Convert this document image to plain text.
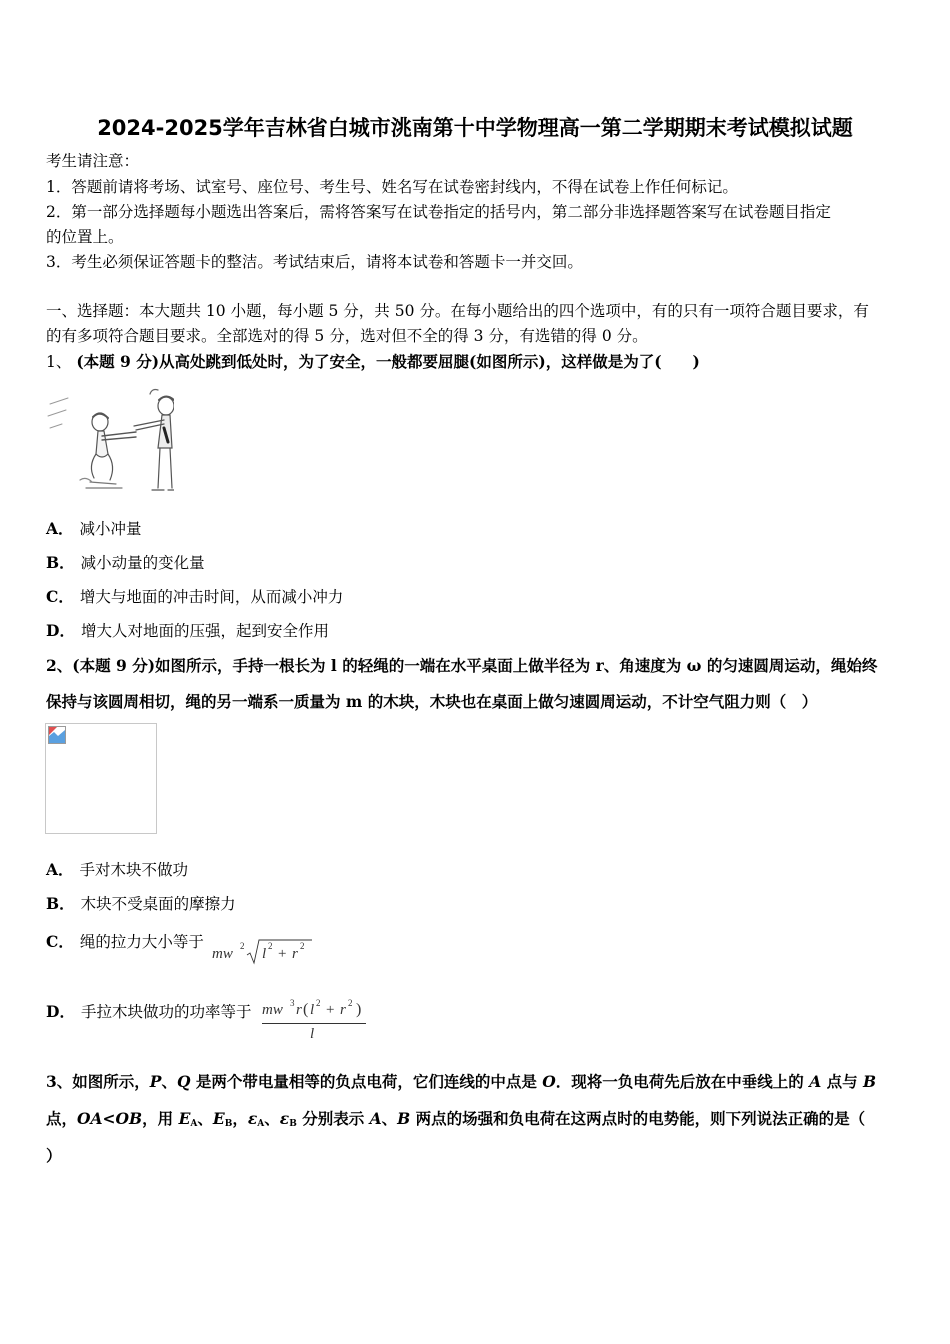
2024-2025学年吉林省白城市洮南第十中学物理高一第二学期期末考试模拟试题
考生请注意：
1．答题前请将考场、试室号、座位号、考生号、姓名写在试卷密封线内，不得在试卷上作任何标记。
2．第一部分选择题每小题选出答案后，需将答案写在试卷指定的括号内，第二部分非选择题答案写在试卷题目指定
的位置上。
3．考生必须保证答题卡的整洁。考试结束后，请将本试卷和答题卡一并交回。
一、选择题：本大题共 10 小题，每小题 5 分，共 50 分。在每小题给出的四个选项中，有的只有一项符合题目要求，有
的有多项符合题目要求。全部选对的得 5 分，选对但不全的得 3 分，有选错的得 0 分。
1、 (本题 9 分)从高处跳到低处时，为了安全，一般都要屈腿(如图所示)，这样做是为了(　　)
A． 减小冲量
B． 减小动量的变化量
C． 增大与地面的冲击时间，从而减小冲力
D． 增大人对地面的压强，起到安全作用
2、(本题 9 分)如图所示，手持一根长为 l 的轻绳的一端在水平桌面上做半径为 r、角速度为 ω 的匀速圆周运动，绳始终
保持与该圆周相切，绳的另一端系一质量为 m 的木块，木块也在桌面上做匀速圆周运动，不计空气阻力则（　）
A． 手对木块不做功
B． 木块不受桌面的摩擦力
C． 绳的拉力大小等于
mw 2 l 2 + r 2
D． 手拉木块做功的功率等于 mw 3 r ( l 2 + r 2 )
l
3、如图所示，P、Q 是两个带电量相等的负点电荷，它们连线的中点是 O．现将一负电荷先后放在中垂线上的 A 点与 B
点，OA<OB，用 $E_A$、$E_B$，$\varepsilon_A$、$\varepsilon_B$ 分别表示 A、B 两点的场强和负电荷在这两点时的电势能，则下列说法正确的是（
）
